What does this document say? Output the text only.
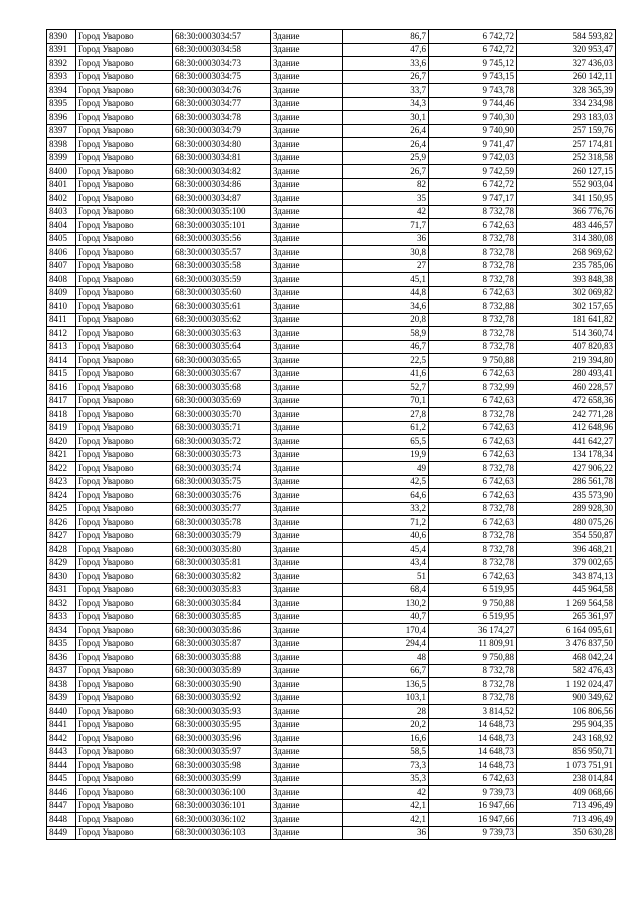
8390	Город Уварово	68:30:0003034:57	Здание	86,7	6 742,72	584 593,82
8391	Город Уварово	68:30:0003034:58	Здание	47,6	6 742,72	320 953,47
8392	Город Уварово	68:30:0003034:73	Здание	33,6	9 745,12	327 436,03
8393	Город Уварово	68:30:0003034:75	Здание	26,7	9 743,15	260 142,11
8394	Город Уварово	68:30:0003034:76	Здание	33,7	9 743,78	328 365,39
8395	Город Уварово	68:30:0003034:77	Здание	34,3	9 744,46	334 234,98
8396	Город Уварово	68:30:0003034:78	Здание	30,1	9 740,30	293 183,03
8397	Город Уварово	68:30:0003034:79	Здание	26,4	9 740,90	257 159,76
8398	Город Уварово	68:30:0003034:80	Здание	26,4	9 741,47	257 174,81
8399	Город Уварово	68:30:0003034:81	Здание	25,9	9 742,03	252 318,58
8400	Город Уварово	68:30:0003034:82	Здание	26,7	9 742,59	260 127,15
8401	Город Уварово	68:30:0003034:86	Здание	82	6 742,72	552 903,04
8402	Город Уварово	68:30:0003034:87	Здание	35	9 747,17	341 150,95
8403	Город Уварово	68:30:0003035:100	Здание	42	8 732,78	366 776,76
8404	Город Уварово	68:30:0003035:101	Здание	71,7	6 742,63	483 446,57
8405	Город Уварово	68:30:0003035:56	Здание	36	8 732,78	314 380,08
8406	Город Уварово	68:30:0003035:57	Здание	30,8	8 732,78	268 969,62
8407	Город Уварово	68:30:0003035:58	Здание	27	8 732,78	235 785,06
8408	Город Уварово	68:30:0003035:59	Здание	45,1	8 732,78	393 848,38
8409	Город Уварово	68:30:0003035:60	Здание	44,8	6 742,63	302 069,82
8410	Город Уварово	68:30:0003035:61	Здание	34,6	8 732,88	302 157,65
8411	Город Уварово	68:30:0003035:62	Здание	20,8	8 732,78	181 641,82
8412	Город Уварово	68:30:0003035:63	Здание	58,9	8 732,78	514 360,74
8413	Город Уварово	68:30:0003035:64	Здание	46,7	8 732,78	407 820,83
8414	Город Уварово	68:30:0003035:65	Здание	22,5	9 750,88	219 394,80
8415	Город Уварово	68:30:0003035:67	Здание	41,6	6 742,63	280 493,41
8416	Город Уварово	68:30:0003035:68	Здание	52,7	8 732,99	460 228,57
8417	Город Уварово	68:30:0003035:69	Здание	70,1	6 742,63	472 658,36
8418	Город Уварово	68:30:0003035:70	Здание	27,8	8 732,78	242 771,28
8419	Город Уварово	68:30:0003035:71	Здание	61,2	6 742,63	412 648,96
8420	Город Уварово	68:30:0003035:72	Здание	65,5	6 742,63	441 642,27
8421	Город Уварово	68:30:0003035:73	Здание	19,9	6 742,63	134 178,34
8422	Город Уварово	68:30:0003035:74	Здание	49	8 732,78	427 906,22
8423	Город Уварово	68:30:0003035:75	Здание	42,5	6 742,63	286 561,78
8424	Город Уварово	68:30:0003035:76	Здание	64,6	6 742,63	435 573,90
8425	Город Уварово	68:30:0003035:77	Здание	33,2	8 732,78	289 928,30
8426	Город Уварово	68:30:0003035:78	Здание	71,2	6 742,63	480 075,26
8427	Город Уварово	68:30:0003035:79	Здание	40,6	8 732,78	354 550,87
8428	Город Уварово	68:30:0003035:80	Здание	45,4	8 732,78	396 468,21
8429	Город Уварово	68:30:0003035:81	Здание	43,4	8 732,78	379 002,65
8430	Город Уварово	68:30:0003035:82	Здание	51	6 742,63	343 874,13
8431	Город Уварово	68:30:0003035:83	Здание	68,4	6 519,95	445 964,58
8432	Город Уварово	68:30:0003035:84	Здание	130,2	9 750,88	1 269 564,58
8433	Город Уварово	68:30:0003035:85	Здание	40,7	6 519,95	265 361,97
8434	Город Уварово	68:30:0003035:86	Здание	170,4	36 174,27	6 164 095,61
8435	Город Уварово	68:30:0003035:87	Здание	294,4	11 809,91	3 476 837,50
8436	Город Уварово	68:30:0003035:88	Здание	48	9 750,88	468 042,24
8437	Город Уварово	68:30:0003035:89	Здание	66,7	8 732,78	582 476,43
8438	Город Уварово	68:30:0003035:90	Здание	136,5	8 732,78	1 192 024,47
8439	Город Уварово	68:30:0003035:92	Здание	103,1	8 732,78	900 349,62
8440	Город Уварово	68:30:0003035:93	Здание	28	3 814,52	106 806,56
8441	Город Уварово	68:30:0003035:95	Здание	20,2	14 648,73	295 904,35
8442	Город Уварово	68:30:0003035:96	Здание	16,6	14 648,73	243 168,92
8443	Город Уварово	68:30:0003035:97	Здание	58,5	14 648,73	856 950,71
8444	Город Уварово	68:30:0003035:98	Здание	73,3	14 648,73	1 073 751,91
8445	Город Уварово	68:30:0003035:99	Здание	35,3	6 742,63	238 014,84
8446	Город Уварово	68:30:0003036:100	Здание	42	9 739,73	409 068,66
8447	Город Уварово	68:30:0003036:101	Здание	42,1	16 947,66	713 496,49
8448	Город Уварово	68:30:0003036:102	Здание	42,1	16 947,66	713 496,49
8449	Город Уварово	68:30:0003036:103	Здание	36	9 739,73	350 630,28
